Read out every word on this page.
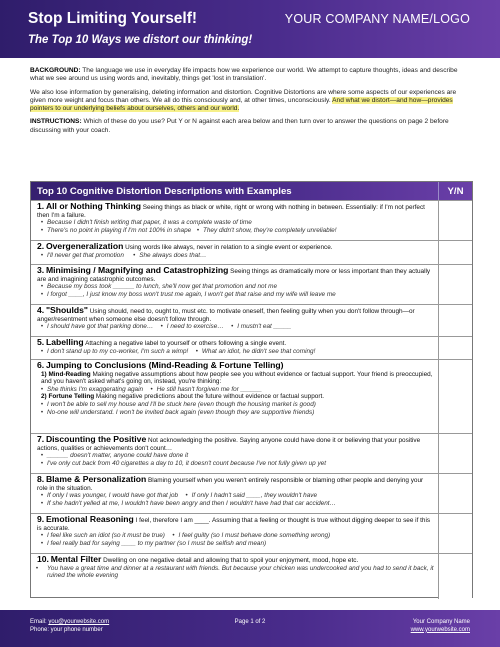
Stop Limiting Yourself!
The Top 10 Ways we distort our thinking!
YOUR COMPANY NAME/LOGO

BACKGROUND: The language we use in everyday life impacts how we experience our world. We attempt to capture thoughts, ideas and describe what we see around us using words and, inevitably, things get 'lost in translation'.

We also lose information by generalising, deleting information and distortion. Cognitive Distortions are where some aspects of our experiences are given more weight and focus than others. We all do this consciously and, at other times, unconsciously. And what we distort—and how—provides pointers to our underlying beliefs about ourselves, others and our world.

INSTRUCTIONS: Which of these do you use? Put Y or N against each area below and then turn over to answer the questions on page 2 before discussing with your coach.

Top 10 Cognitive Distortion Descriptions with Examples	Y/N
1. All or Nothing Thinking Seeing things as black or white, right or wrong with nothing in between. Essentially: if I'm not perfect then I'm a failure.
• Because I didn't finish writing that paper, it was a complete waste of time
• There's no point in playing if I'm not 100% in shape • They didn't show, they're completely unreliable!
2. Overgeneralization Using words like always, never in relation to a single event or experience.
• I'll never get that promotion • She always does that…
3. Minimising / Magnifying and Catastrophizing Seeing things as dramatically more or less important than they actually are and imagining catastrophic outcomes.
• Because my boss took ______ to lunch, she'll now get that promotion and not me
• I forgot ____, I just know my boss won't trust me again, I won't get that raise and my wife will leave me
4. "Shoulds" Using should, need to, ought to, must etc. to motivate oneself, then feeling guilty when you don't follow through—or anger/resentment when someone else doesn't follow through.
• I should have got that parking done… • I need to exercise… • I mustn't eat _____
5. Labelling Attaching a negative label to yourself or others following a single event.
• I don't stand up to my co-worker, I'm such a wimp! • What an idiot, he didn't see that coming!
6. Jumping to Conclusions (Mind-Reading & Fortune Telling)
1) Mind-Reading Making negative assumptions about how people see you without evidence or factual support. Your friend is preoccupied, and you haven't asked what's going on, instead, you're thinking:
• She thinks I'm exaggerating again • He still hasn't forgiven me for ______
2) Fortune Telling Making negative predictions about the future without evidence or factual support.
• I won't be able to sell my house and I'll be stuck here (even though the housing market is good)
• No-one will understand. I won't be invited back again (even though they are supportive friends)
7. Discounting the Positive Not acknowledging the positive. Saying anyone could have done it or believing that your positive actions, qualities or achievements don't count…
• ______ doesn't matter, anyone could have done it
• I've only cut back from 40 cigarettes a day to 10, it doesn't count because I've not fully given up yet
8. Blame & Personalization Blaming yourself when you weren't entirely responsible or blaming other people and denying your role in the situation.
• If only I was younger, I would have got that job • If only I hadn't said ____, they wouldn't have
• If she hadn't yelled at me, I wouldn't have been angry and then I wouldn't have had that car accident…
9. Emotional Reasoning I feel, therefore I am ____. Assuming that a feeling or thought is true without digging deeper to see if this is accurate.
• I feel like such an idiot (so it must be true) • I feel guilty (so I must behave done something wrong)
• I feel really bad for saying ____ to my partner (so I must be selfish and mean)
10. Mental Filter Dwelling on one negative detail and allowing that to spoil your enjoyment, mood, hope etc.
• You have a great time and dinner at a restaurant with friends. But because your chicken was undercooked and you had to send it back, it ruined the whole evening
Email: you@yourwebsite.com
Phone: your phone number
Page 1 of 2	Your Company Name
www.yourwebsite.com
